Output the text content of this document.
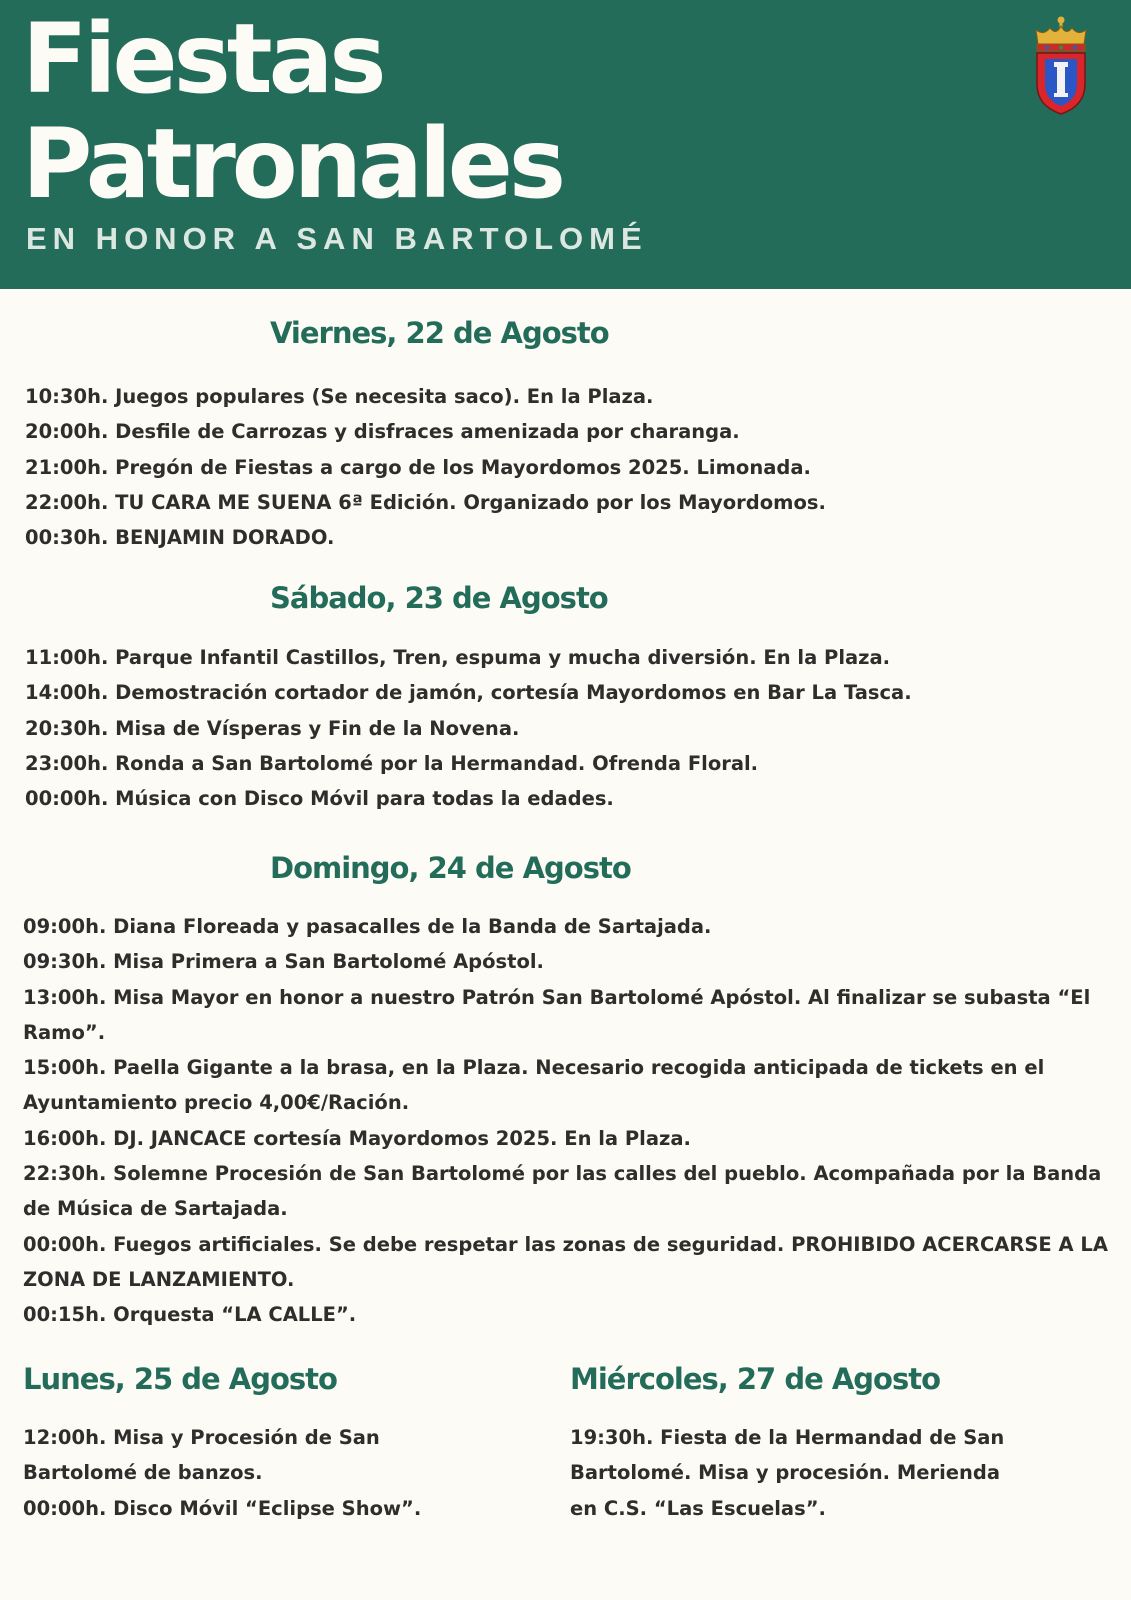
Fiestas
Patronales
EN HONOR A SAN BARTOLOMÉ
Viernes, 22 de Agosto
10:30h. Juegos populares (Se necesita saco). En la Plaza.
20:00h. Desfile de Carrozas y disfraces amenizada por charanga.
21:00h. Pregón de Fiestas a cargo de los Mayordomos 2025. Limonada.
22:00h. TU CARA ME SUENA 6ª Edición. Organizado por los Mayordomos.
00:30h. BENJAMIN DORADO.
Sábado, 23 de Agosto
11:00h. Parque Infantil Castillos, Tren, espuma y mucha diversión. En la Plaza.
14:00h. Demostración cortador de jamón, cortesía Mayordomos en Bar La Tasca.
20:30h. Misa de Vísperas y Fin de la Novena.
23:00h. Ronda a San Bartolomé por la Hermandad. Ofrenda Floral.
00:00h. Música con Disco Móvil para todas la edades.
Domingo, 24 de Agosto
09:00h. Diana Floreada y pasacalles de la Banda de Sartajada.
09:30h. Misa Primera a San Bartolomé Apóstol.
13:00h. Misa Mayor en honor a nuestro Patrón San Bartolomé Apóstol. Al finalizar se subasta “El Ramo”.
15:00h. Paella Gigante a la brasa, en la Plaza. Necesario recogida anticipada de tickets en el Ayuntamiento precio 4,00€/Ración.
16:00h. DJ. JANCACE cortesía Mayordomos 2025. En la Plaza.
22:30h. Solemne Procesión de San Bartolomé por las calles del pueblo. Acompañada por la Banda de Música de Sartajada.
00:00h. Fuegos artificiales. Se debe respetar las zonas de seguridad. PROHIBIDO ACERCARSE A LA ZONA DE LANZAMIENTO.
00:15h. Orquesta “LA CALLE”.
Lunes, 25 de Agosto
12:00h. Misa y Procesión de San Bartolomé de banzos.
00:00h. Disco Móvil “Eclipse Show”.
Miércoles, 27 de Agosto
19:30h. Fiesta de la Hermandad de San Bartolomé. Misa y procesión. Merienda en C.S. “Las Escuelas”.
